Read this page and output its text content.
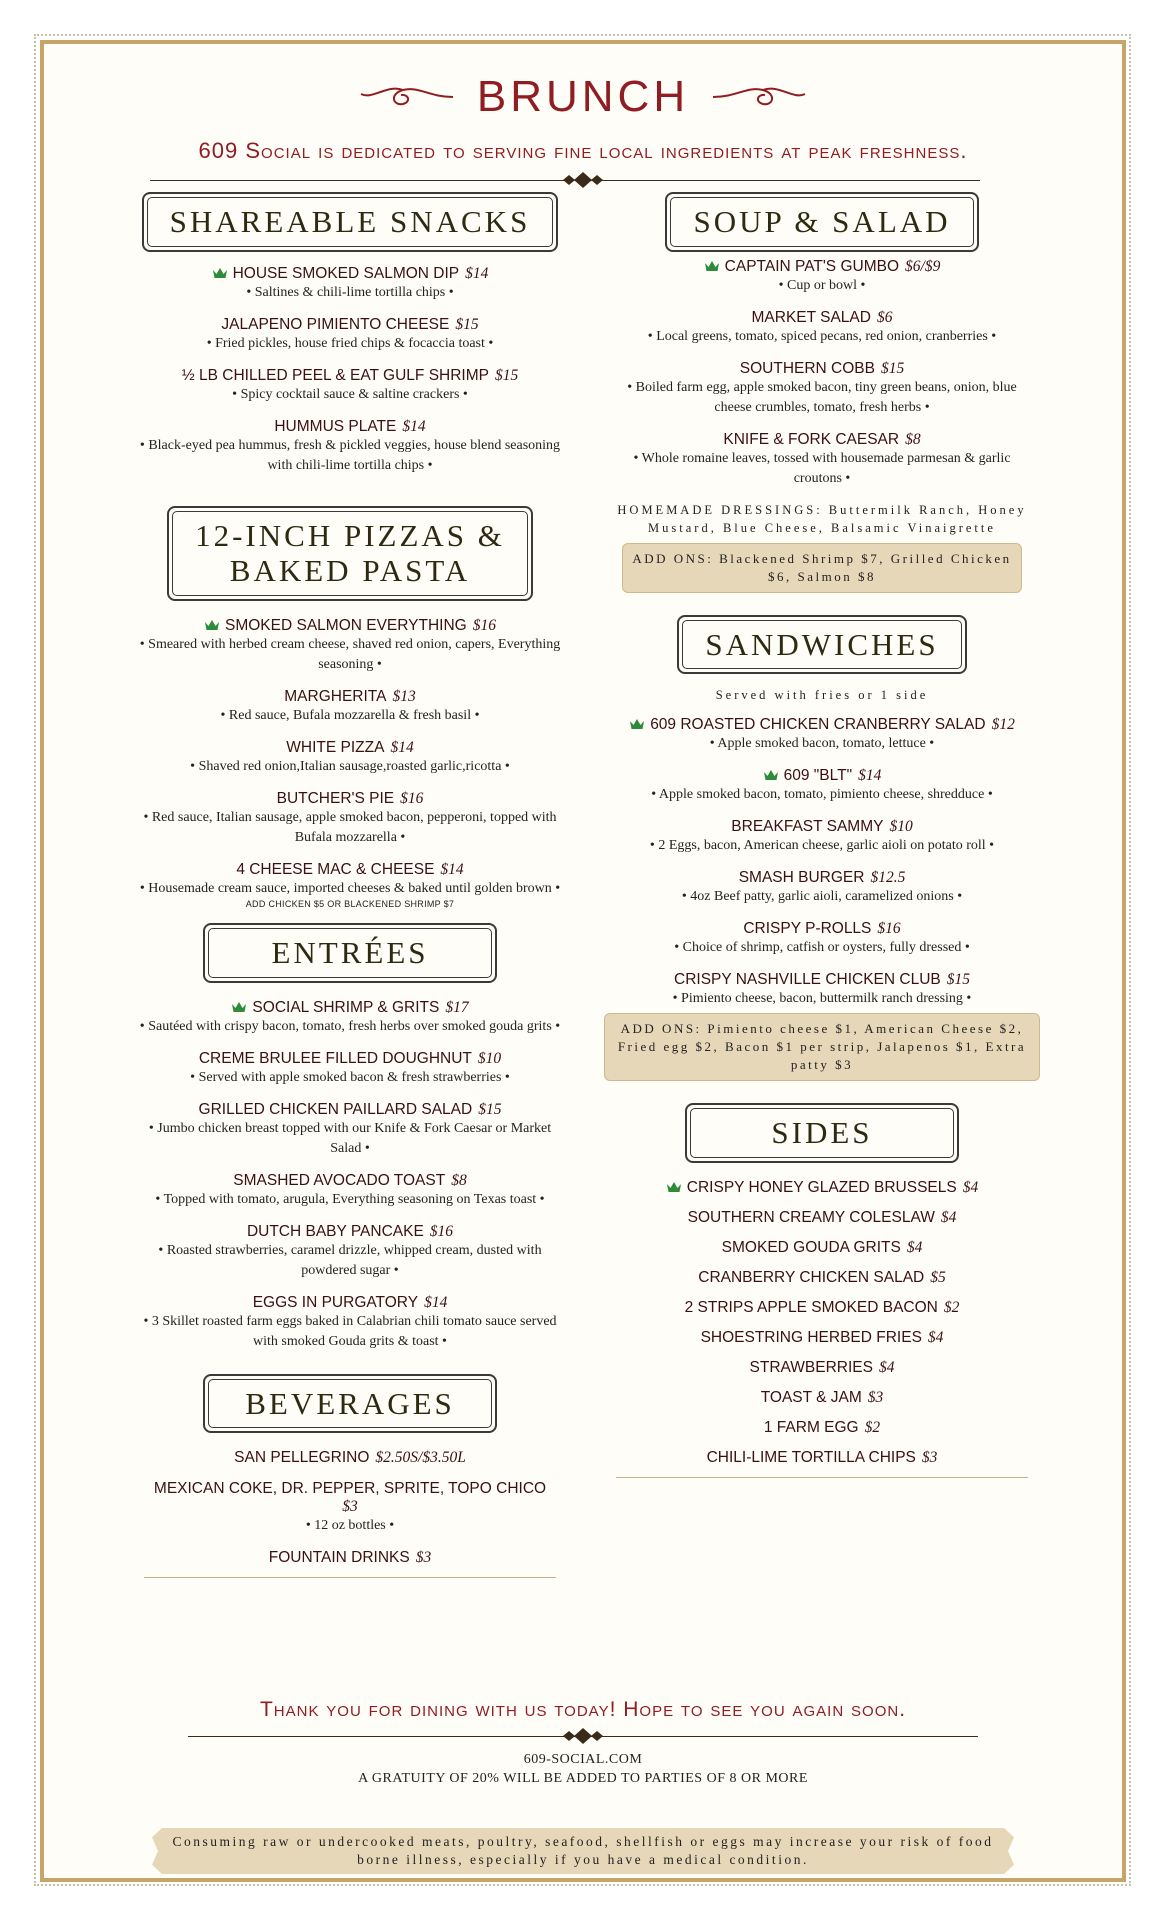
BRUNCH
609 Social is dedicated to serving fine local ingredients at peak freshness.
SHAREABLE SNACKS
HOUSE SMOKED SALMON DIP $14
• Saltines & chili-lime tortilla chips •
JALAPENO PIMIENTO CHEESE $15
• Fried pickles, house fried chips & focaccia toast •
½ LB CHILLED PEEL & EAT GULF SHRIMP $15
• Spicy cocktail sauce & saltine crackers •
HUMMUS PLATE $14
• Black-eyed pea hummus, fresh & pickled veggies, house blend seasoning with chili-lime tortilla chips •
12-INCH PIZZAS &
BAKED PASTA
SMOKED SALMON EVERYTHING $16
• Smeared with herbed cream cheese, shaved red onion, capers, Everything seasoning •
MARGHERITA $13
• Red sauce, Bufala mozzarella & fresh basil •
WHITE PIZZA $14
• Shaved red onion,Italian sausage,roasted garlic,ricotta •
BUTCHER'S PIE $16
• Red sauce, Italian sausage, apple smoked bacon, pepperoni, topped with Bufala mozzarella •
4 CHEESE MAC & CHEESE $14
• Housemade cream sauce, imported cheeses & baked until golden brown •
ADD CHICKEN $5 OR BLACKENED SHRIMP $7
ENTRÉES
SOCIAL SHRIMP & GRITS $17
• Sautéed with crispy bacon, tomato, fresh herbs over smoked gouda grits •
CREME BRULEE FILLED DOUGHNUT $10
• Served with apple smoked bacon & fresh strawberries •
GRILLED CHICKEN PAILLARD SALAD $15
• Jumbo chicken breast topped with our Knife & Fork Caesar or Market Salad •
SMASHED AVOCADO TOAST $8
• Topped with tomato, arugula, Everything seasoning on Texas toast •
DUTCH BABY PANCAKE $16
• Roasted strawberries, caramel drizzle, whipped cream, dusted with powdered sugar •
EGGS IN PURGATORY $14
• 3 Skillet roasted farm eggs baked in Calabrian chili tomato sauce served with smoked Gouda grits & toast •
BEVERAGES
SAN PELLEGRINO $2.50S/$3.50L
MEXICAN COKE, DR. PEPPER, SPRITE, TOPO CHICO
$3
• 12 oz bottles •
FOUNTAIN DRINKS $3
SOUP & SALAD
CAPTAIN PAT'S GUMBO $6/$9
• Cup or bowl •
MARKET SALAD $6
• Local greens, tomato, spiced pecans, red onion, cranberries •
SOUTHERN COBB $15
• Boiled farm egg, apple smoked bacon, tiny green beans, onion, blue cheese crumbles, tomato, fresh herbs •
KNIFE & FORK CAESAR $8
• Whole romaine leaves, tossed with housemade parmesan & garlic croutons •
HOMEMADE DRESSINGS: Buttermilk Ranch, Honey Mustard, Blue Cheese, Balsamic Vinaigrette
ADD ONS: Blackened Shrimp $7, Grilled Chicken $6, Salmon $8
SANDWICHES
Served with fries or 1 side
609 ROASTED CHICKEN CRANBERRY SALAD $12
• Apple smoked bacon, tomato, lettuce •
609 "BLT" $14
• Apple smoked bacon, tomato, pimiento cheese, shredduce •
BREAKFAST SAMMY $10
• 2 Eggs, bacon, American cheese, garlic aioli on potato roll •
SMASH BURGER $12.5
• 4oz Beef patty, garlic aioli, caramelized onions •
CRISPY P-ROLLS $16
• Choice of shrimp, catfish or oysters, fully dressed •
CRISPY NASHVILLE CHICKEN CLUB $15
• Pimiento cheese, bacon, buttermilk ranch dressing •
ADD ONS: Pimiento cheese $1, American Cheese $2, Fried egg $2, Bacon $1 per strip, Jalapenos $1, Extra patty $3
SIDES
CRISPY HONEY GLAZED BRUSSELS $4
SOUTHERN CREAMY COLESLAW $4
SMOKED GOUDA GRITS $4
CRANBERRY CHICKEN SALAD $5
2 STRIPS APPLE SMOKED BACON $2
SHOESTRING HERBED FRIES $4
STRAWBERRIES $4
TOAST & JAM $3
1 FARM EGG $2
CHILI-LIME TORTILLA CHIPS $3
Thank you for dining with us today! Hope to see you again soon.
609-SOCIAL.COM
A GRATUITY OF 20% WILL BE ADDED TO PARTIES OF 8 OR MORE
Consuming raw or undercooked meats, poultry, seafood, shellfish or eggs may increase your risk of food borne illness, especially if you have a medical condition.
